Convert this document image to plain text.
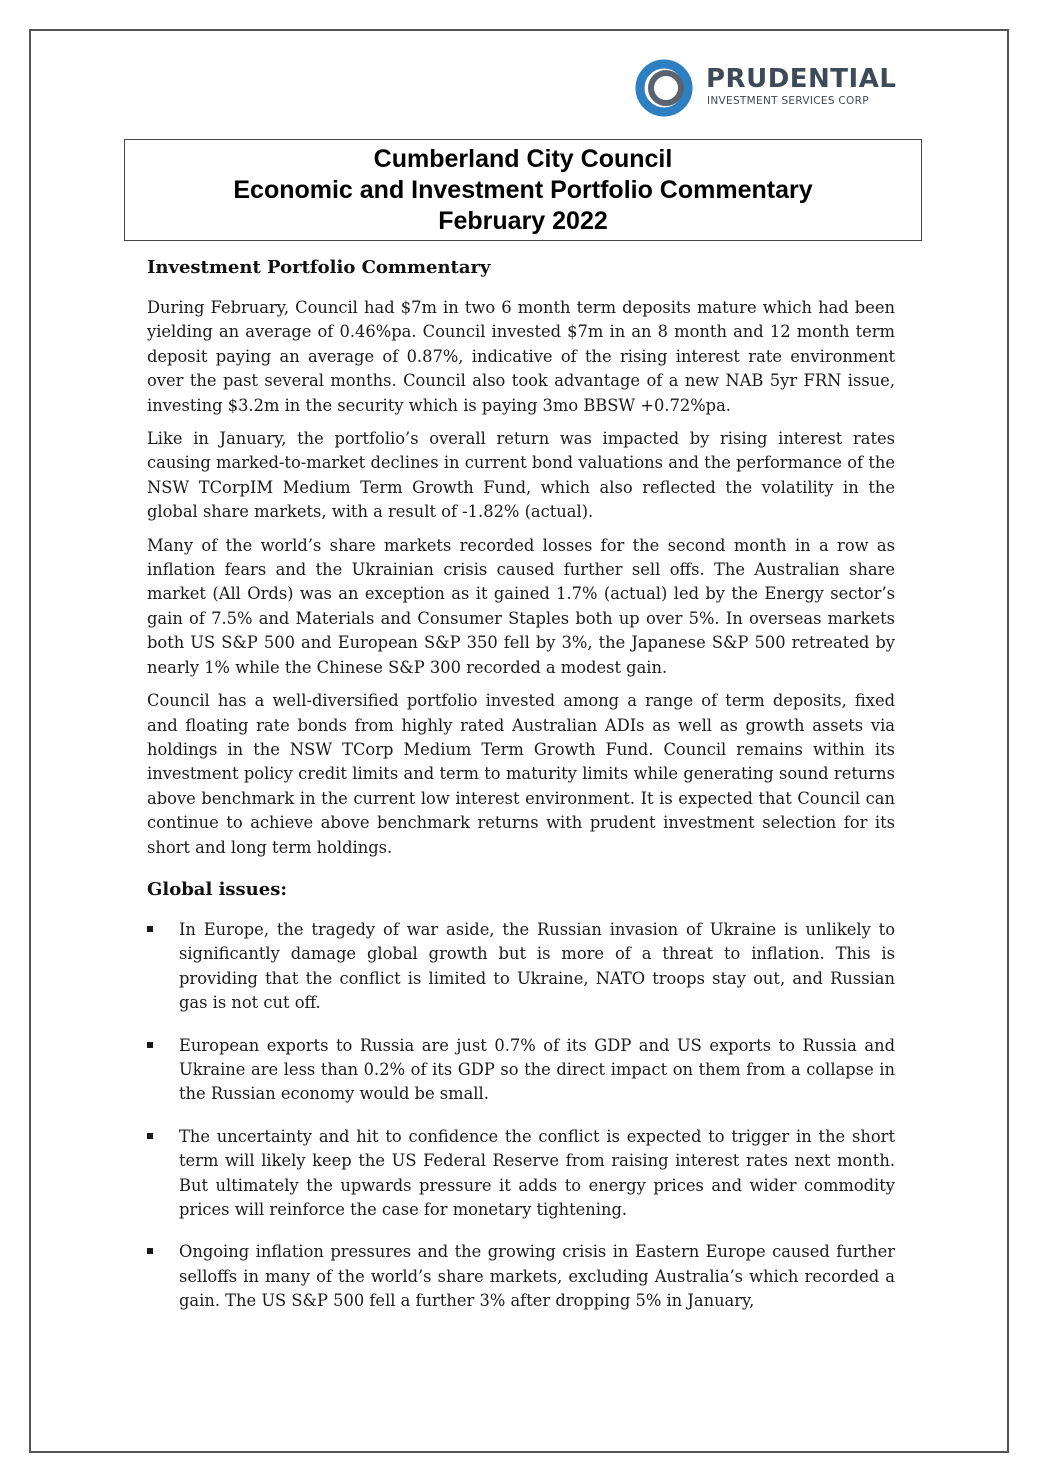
PRUDENTIAL
INVESTMENT SERVICES CORP
Cumberland City Council
Economic and Investment Portfolio Commentary
February 2022
Investment Portfolio Commentary

During February, Council had $7m in two 6 month term deposits mature which had been yielding an average of 0.46%pa. Council invested $7m in an 8 month and 12 month term deposit paying an average of 0.87%, indicative of the rising interest rate environment over the past several months. Council also took advantage of a new NAB 5yr FRN issue, investing $3.2m in the security which is paying 3mo BBSW +0.72%pa.

Like in January, the portfolio’s overall return was impacted by rising interest rates causing marked-to-market declines in current bond valuations and the performance of the NSW TCorpIM Medium Term Growth Fund, which also reflected the volatility in the global share markets, with a result of -1.82% (actual).

Many of the world’s share markets recorded losses for the second month in a row as inflation fears and the Ukrainian crisis caused further sell offs. The Australian share market (All Ords) was an exception as it gained 1.7% (actual) led by the Energy sector’s gain of 7.5% and Materials and Consumer Staples both up over 5%. In overseas markets both US S&P 500 and European S&P 350 fell by 3%, the Japanese S&P 500 retreated by nearly 1% while the Chinese S&P 300 recorded a modest gain.

Council has a well-diversified portfolio invested among a range of term deposits, fixed and floating rate bonds from highly rated Australian ADIs as well as growth assets via holdings in the NSW TCorp Medium Term Growth Fund. Council remains within its investment policy credit limits and term to maturity limits while generating sound returns above benchmark in the current low interest environment. It is expected that Council can continue to achieve above benchmark returns with prudent investment selection for its short and long term holdings.

Global issues:
In Europe, the tragedy of war aside, the Russian invasion of Ukraine is unlikely to significantly damage global growth but is more of a threat to inflation. This is providing that the conflict is limited to Ukraine, NATO troops stay out, and Russian gas is not cut off.
European exports to Russia are just 0.7% of its GDP and US exports to Russia and Ukraine are less than 0.2% of its GDP so the direct impact on them from a collapse in the Russian economy would be small.
The uncertainty and hit to confidence the conflict is expected to trigger in the short term will likely keep the US Federal Reserve from raising interest rates next month. But ultimately the upwards pressure it adds to energy prices and wider commodity prices will reinforce the case for monetary tightening.
Ongoing inflation pressures and the growing crisis in Eastern Europe caused further selloffs in many of the world’s share markets, excluding Australia’s which recorded a gain. The US S&P 500 fell a further 3% after dropping 5% in January,
